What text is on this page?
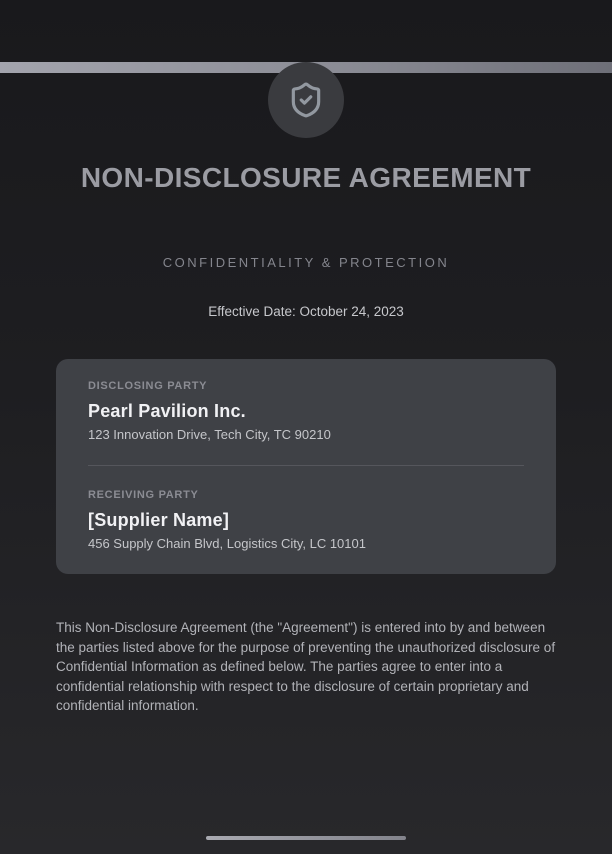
NON-DISCLOSURE AGREEMENT
CONFIDENTIALITY & PROTECTION
Effective Date: October 24, 2023
DISCLOSING PARTY
Pearl Pavilion Inc.
123 Innovation Drive, Tech City, TC 90210
RECEIVING PARTY
[Supplier Name]
456 Supply Chain Blvd, Logistics City, LC 10101

This Non-Disclosure Agreement (the "Agreement") is entered into by and between the parties listed above for the purpose of preventing the unauthorized disclosure of Confidential Information as defined below. The parties agree to enter into a confidential relationship with respect to the disclosure of certain proprietary and confidential information.
